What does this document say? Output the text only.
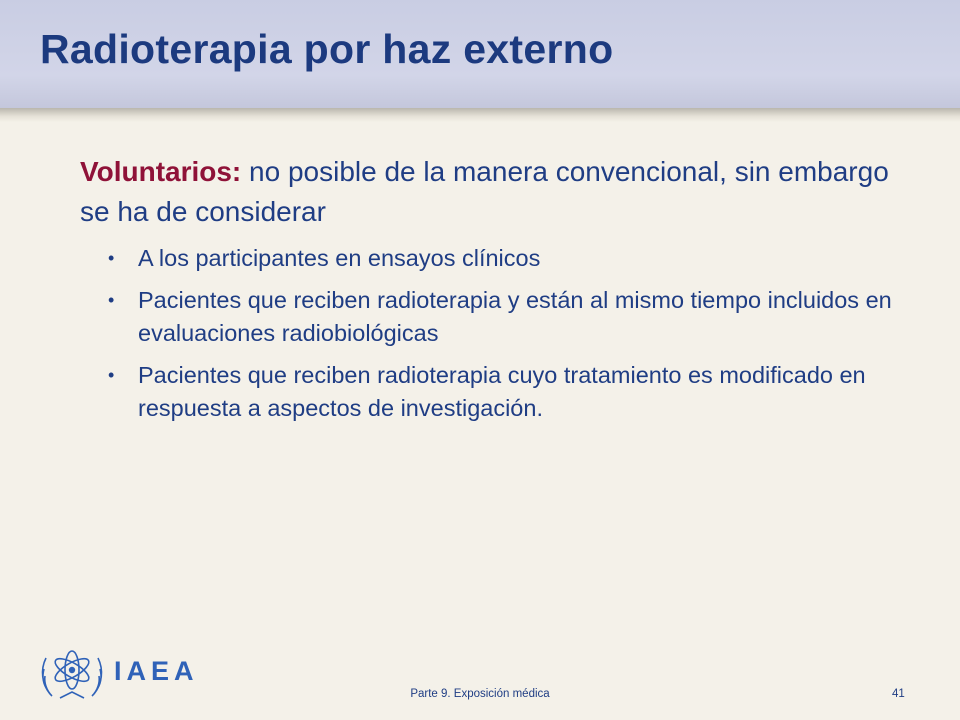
Radioterapia por haz externo

Voluntarios: no posible de la manera convencional, sin embargo se ha de considerar

• A los participantes en ensayos clínicos
• Pacientes que reciben radioterapia y están al mismo tiempo incluidos en evaluaciones radiobiológicas
• Pacientes que reciben radioterapia cuyo tratamiento es modificado en respuesta a aspectos de investigación.
IAEA
Parte 9. Exposición médica	41
